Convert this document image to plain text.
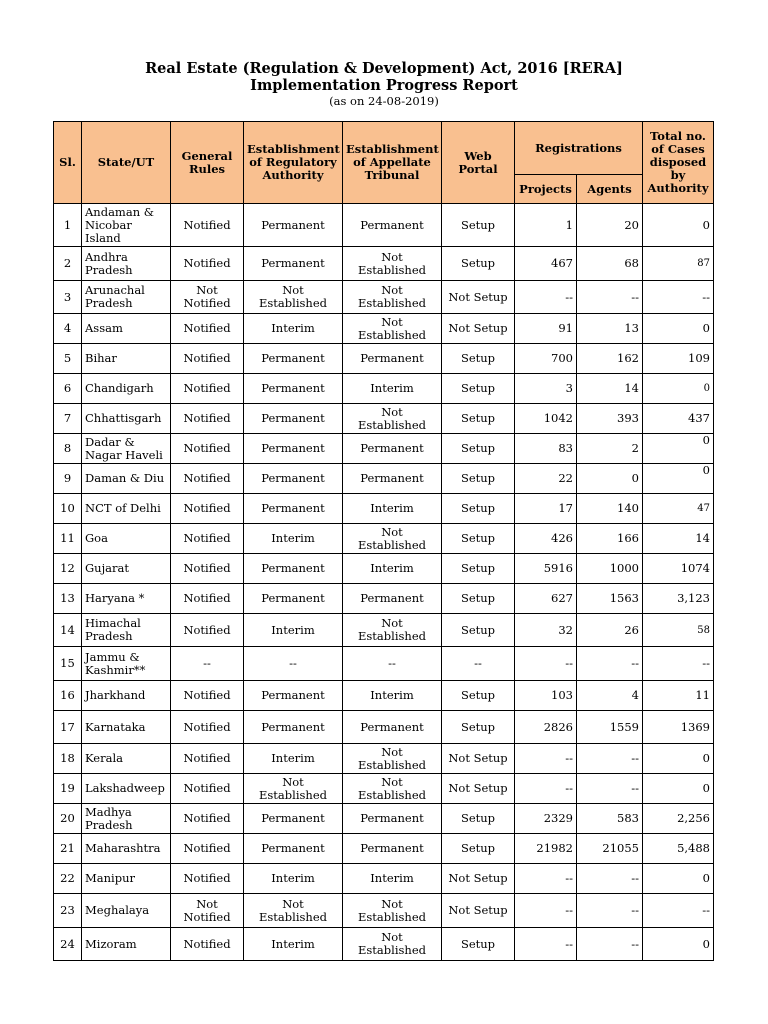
Real Estate (Regulation & Development) Act, 2016 [RERA]
Implementation Progress Report
(as on 24-08-2019)
Sl.	State/UT	General Rules	Establishment of Regulatory Authority	Establishment of Appellate Tribunal	Web Portal	Registrations		Total no. of Cases disposed by Authority
						Projects	Agents	
1	Andaman & Nicobar Island	Notified	Permanent	Permanent	Setup	1	20	0
2	Andhra Pradesh	Notified	Permanent	Not Established	Setup	467	68	87
3	Arunachal Pradesh	Not Notified	Not Established	Not Established	Not Setup	--	--	--
4	Assam	Notified	Interim	Not Established	Not Setup	91	13	0
5	Bihar	Notified	Permanent	Permanent	Setup	700	162	109
6	Chandigarh	Notified	Permanent	Interim	Setup	3	14	0
7	Chhattisgarh	Notified	Permanent	Not Established	Setup	1042	393	437
8	Dadar & Nagar Haveli	Notified	Permanent	Permanent	Setup	83	2	0
9	Daman & Diu	Notified	Permanent	Permanent	Setup	22	0	0
10	NCT of Delhi	Notified	Permanent	Interim	Setup	17	140	47
11	Goa	Notified	Interim	Not Established	Setup	426	166	14
12	Gujarat	Notified	Permanent	Interim	Setup	5916	1000	1074
13	Haryana *	Notified	Permanent	Permanent	Setup	627	1563	3,123
14	Himachal Pradesh	Notified	Interim	Not Established	Setup	32	26	58
15	Jammu & Kashmir**	--	--	--	--	--	--	--
16	Jharkhand	Notified	Permanent	Interim	Setup	103	4	11
17	Karnataka	Notified	Permanent	Permanent	Setup	2826	1559	1369
18	Kerala	Notified	Interim	Not Established	Not Setup	--	--	0
19	Lakshadweep	Notified	Not Established	Not Established	Not Setup	--	--	0
20	Madhya Pradesh	Notified	Permanent	Permanent	Setup	2329	583	2,256
21	Maharashtra	Notified	Permanent	Permanent	Setup	21982	21055	5,488
22	Manipur	Notified	Interim	Interim	Not Setup	--	--	0
23	Meghalaya	Not Notified	Not Established	Not Established	Not Setup	--	--	--
24	Mizoram	Notified	Interim	Not Established	Setup	--	--	0
